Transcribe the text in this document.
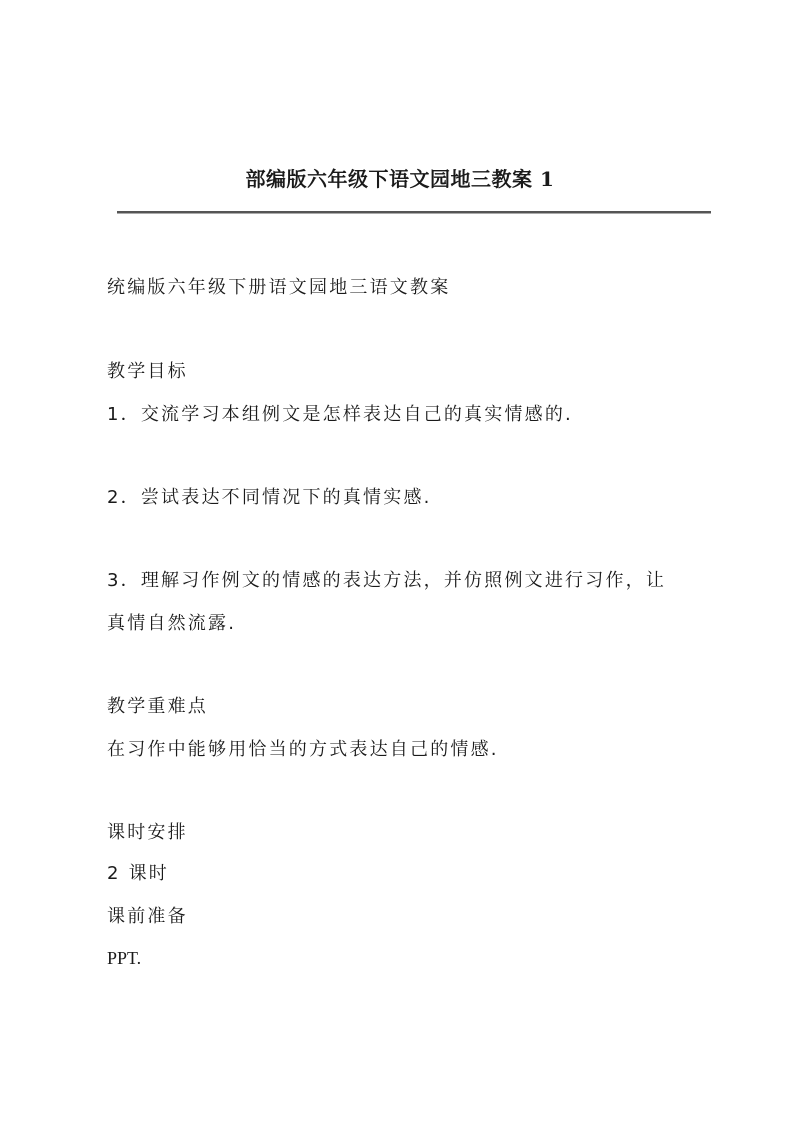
部编版六年级下语文园地三教案 1

统编版六年级下册语文园地三语文教案

教学目标

1．交流学习本组例文是怎样表达自己的真实情感的.

2．尝试表达不同情况下的真情实感.

3．理解习作例文的情感的表达方法，并仿照例文进行习作，让

真情自然流露.

教学重难点

在习作中能够用恰当的方式表达自己的情感.

课时安排

2 课时

课前准备

PPT.
